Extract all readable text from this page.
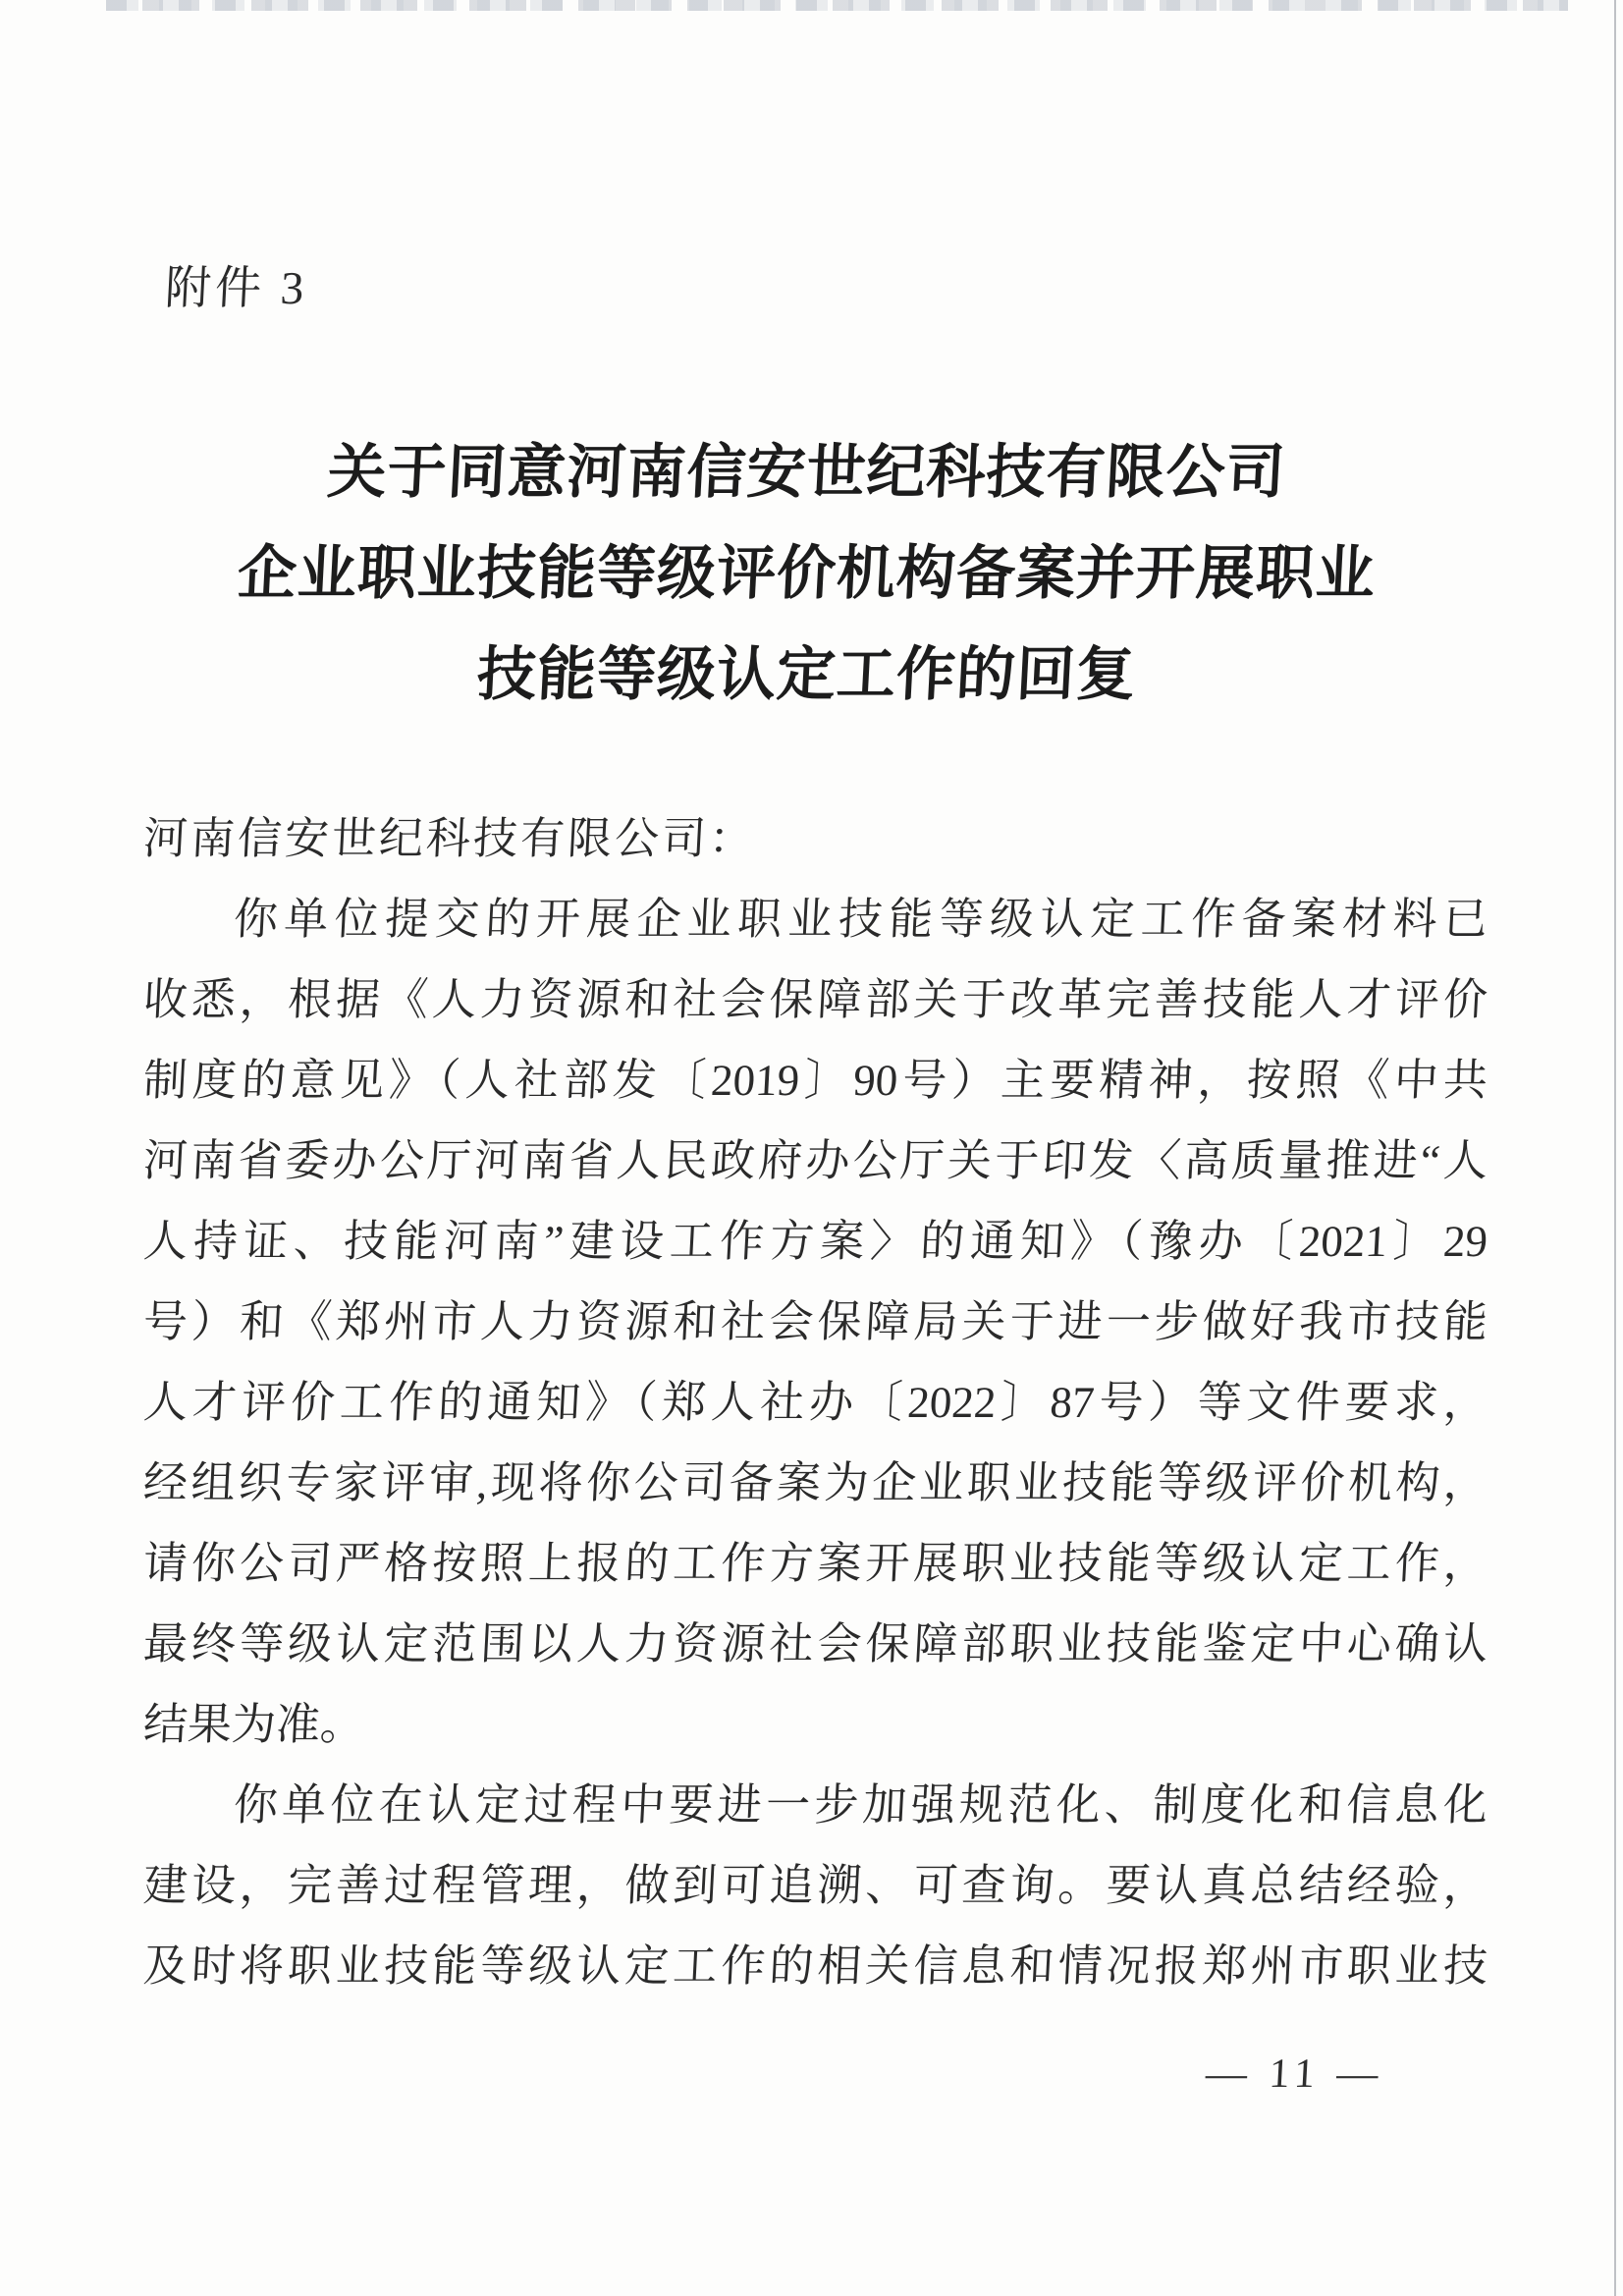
附件 3
关于同意河南信安世纪科技有限公司
企业职业技能等级评价机构备案并开展职业
技能等级认定工作的回复
河南信安世纪科技有限公司：
你单位提交的开展企业职业技能等级认定工作备案材料已
收悉，根据《人力资源和社会保障部关于改革完善技能人才评价
制度的意见》（人社部发〔2019〕90号）主要精神，按照《中共
河南省委办公厅河南省人民政府办公厅关于印发〈高质量推进“人
人持证、技能河南”建设工作方案〉的通知》（豫办〔2021〕29
号）和《郑州市人力资源和社会保障局关于进一步做好我市技能
人才评价工作的通知》（郑人社办〔2022〕87号）等文件要求，
经组织专家评审,现将你公司备案为企业职业技能等级评价机构，
请你公司严格按照上报的工作方案开展职业技能等级认定工作，
最终等级认定范围以人力资源社会保障部职业技能鉴定中心确认
结果为准。
你单位在认定过程中要进一步加强规范化、制度化和信息化
建设，完善过程管理，做到可追溯、可查询。要认真总结经验，
及时将职业技能等级认定工作的相关信息和情况报郑州市职业技
— 11 —
